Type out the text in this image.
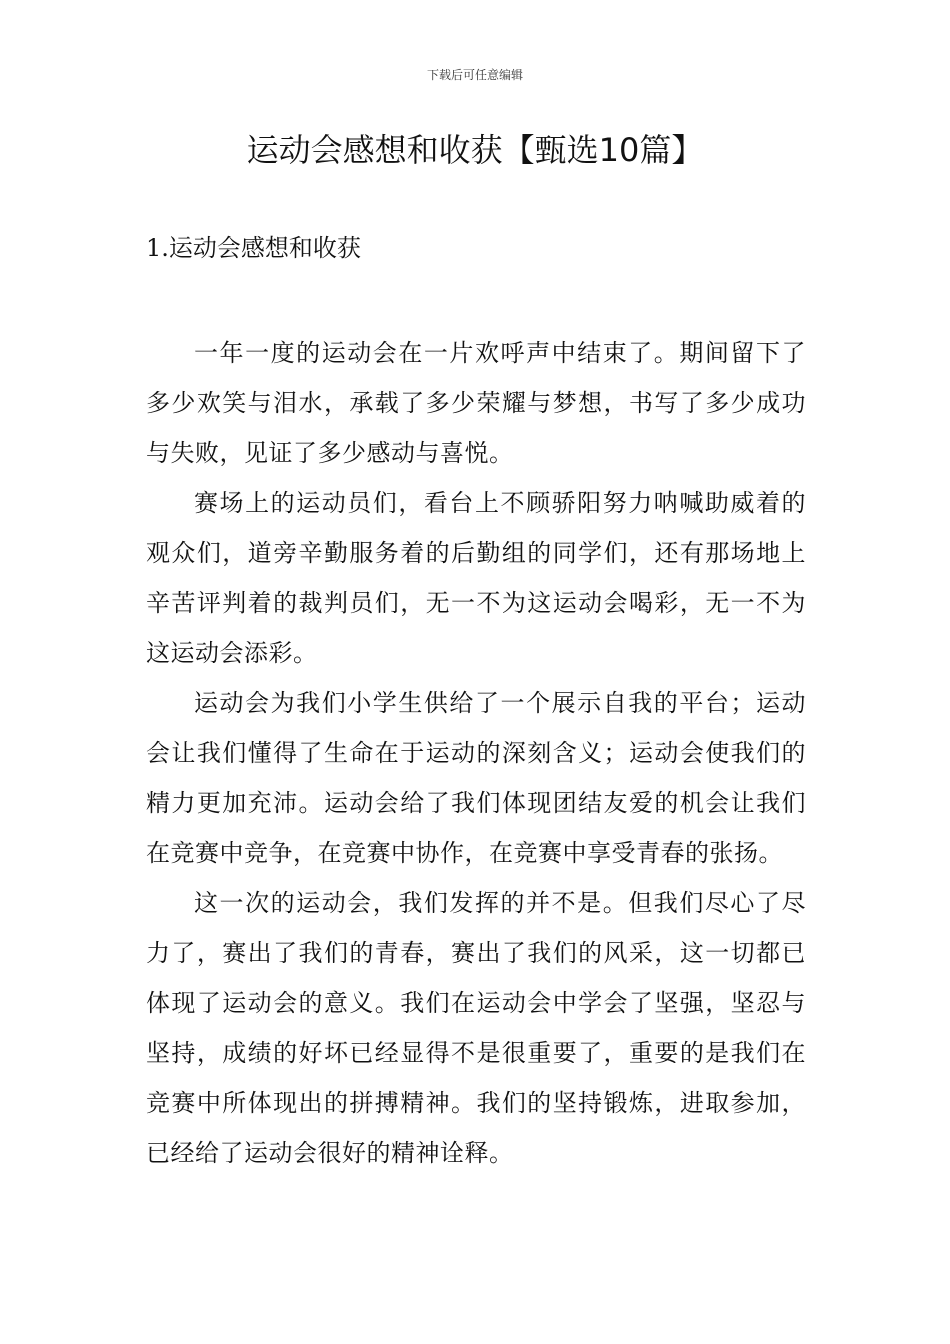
下载后可任意编辑
运动会感想和收获【甄选10篇】
1.运动会感想和收获

一年一度的运动会在一片欢呼声中结束了。期间留下了多少欢笑与泪水，承载了多少荣耀与梦想，书写了多少成功与失败，见证了多少感动与喜悦。

赛场上的运动员们，看台上不顾骄阳努力呐喊助威着的观众们，道旁辛勤服务着的后勤组的同学们，还有那场地上辛苦评判着的裁判员们，无一不为这运动会喝彩，无一不为这运动会添彩。

运动会为我们小学生供给了一个展示自我的平台；运动会让我们懂得了生命在于运动的深刻含义；运动会使我们的精力更加充沛。运动会给了我们体现团结友爱的机会让我们在竞赛中竞争，在竞赛中协作，在竞赛中享受青春的张扬。

这一次的运动会，我们发挥的并不是。但我们尽心了尽力了，赛出了我们的青春，赛出了我们的风采，这一切都已体现了运动会的意义。我们在运动会中学会了坚强，坚忍与坚持，成绩的好坏已经显得不是很重要了，重要的是我们在竞赛中所体现出的拼搏精神。我们的坚持锻炼，进取参加，已经给了运动会很好的精神诠释。
